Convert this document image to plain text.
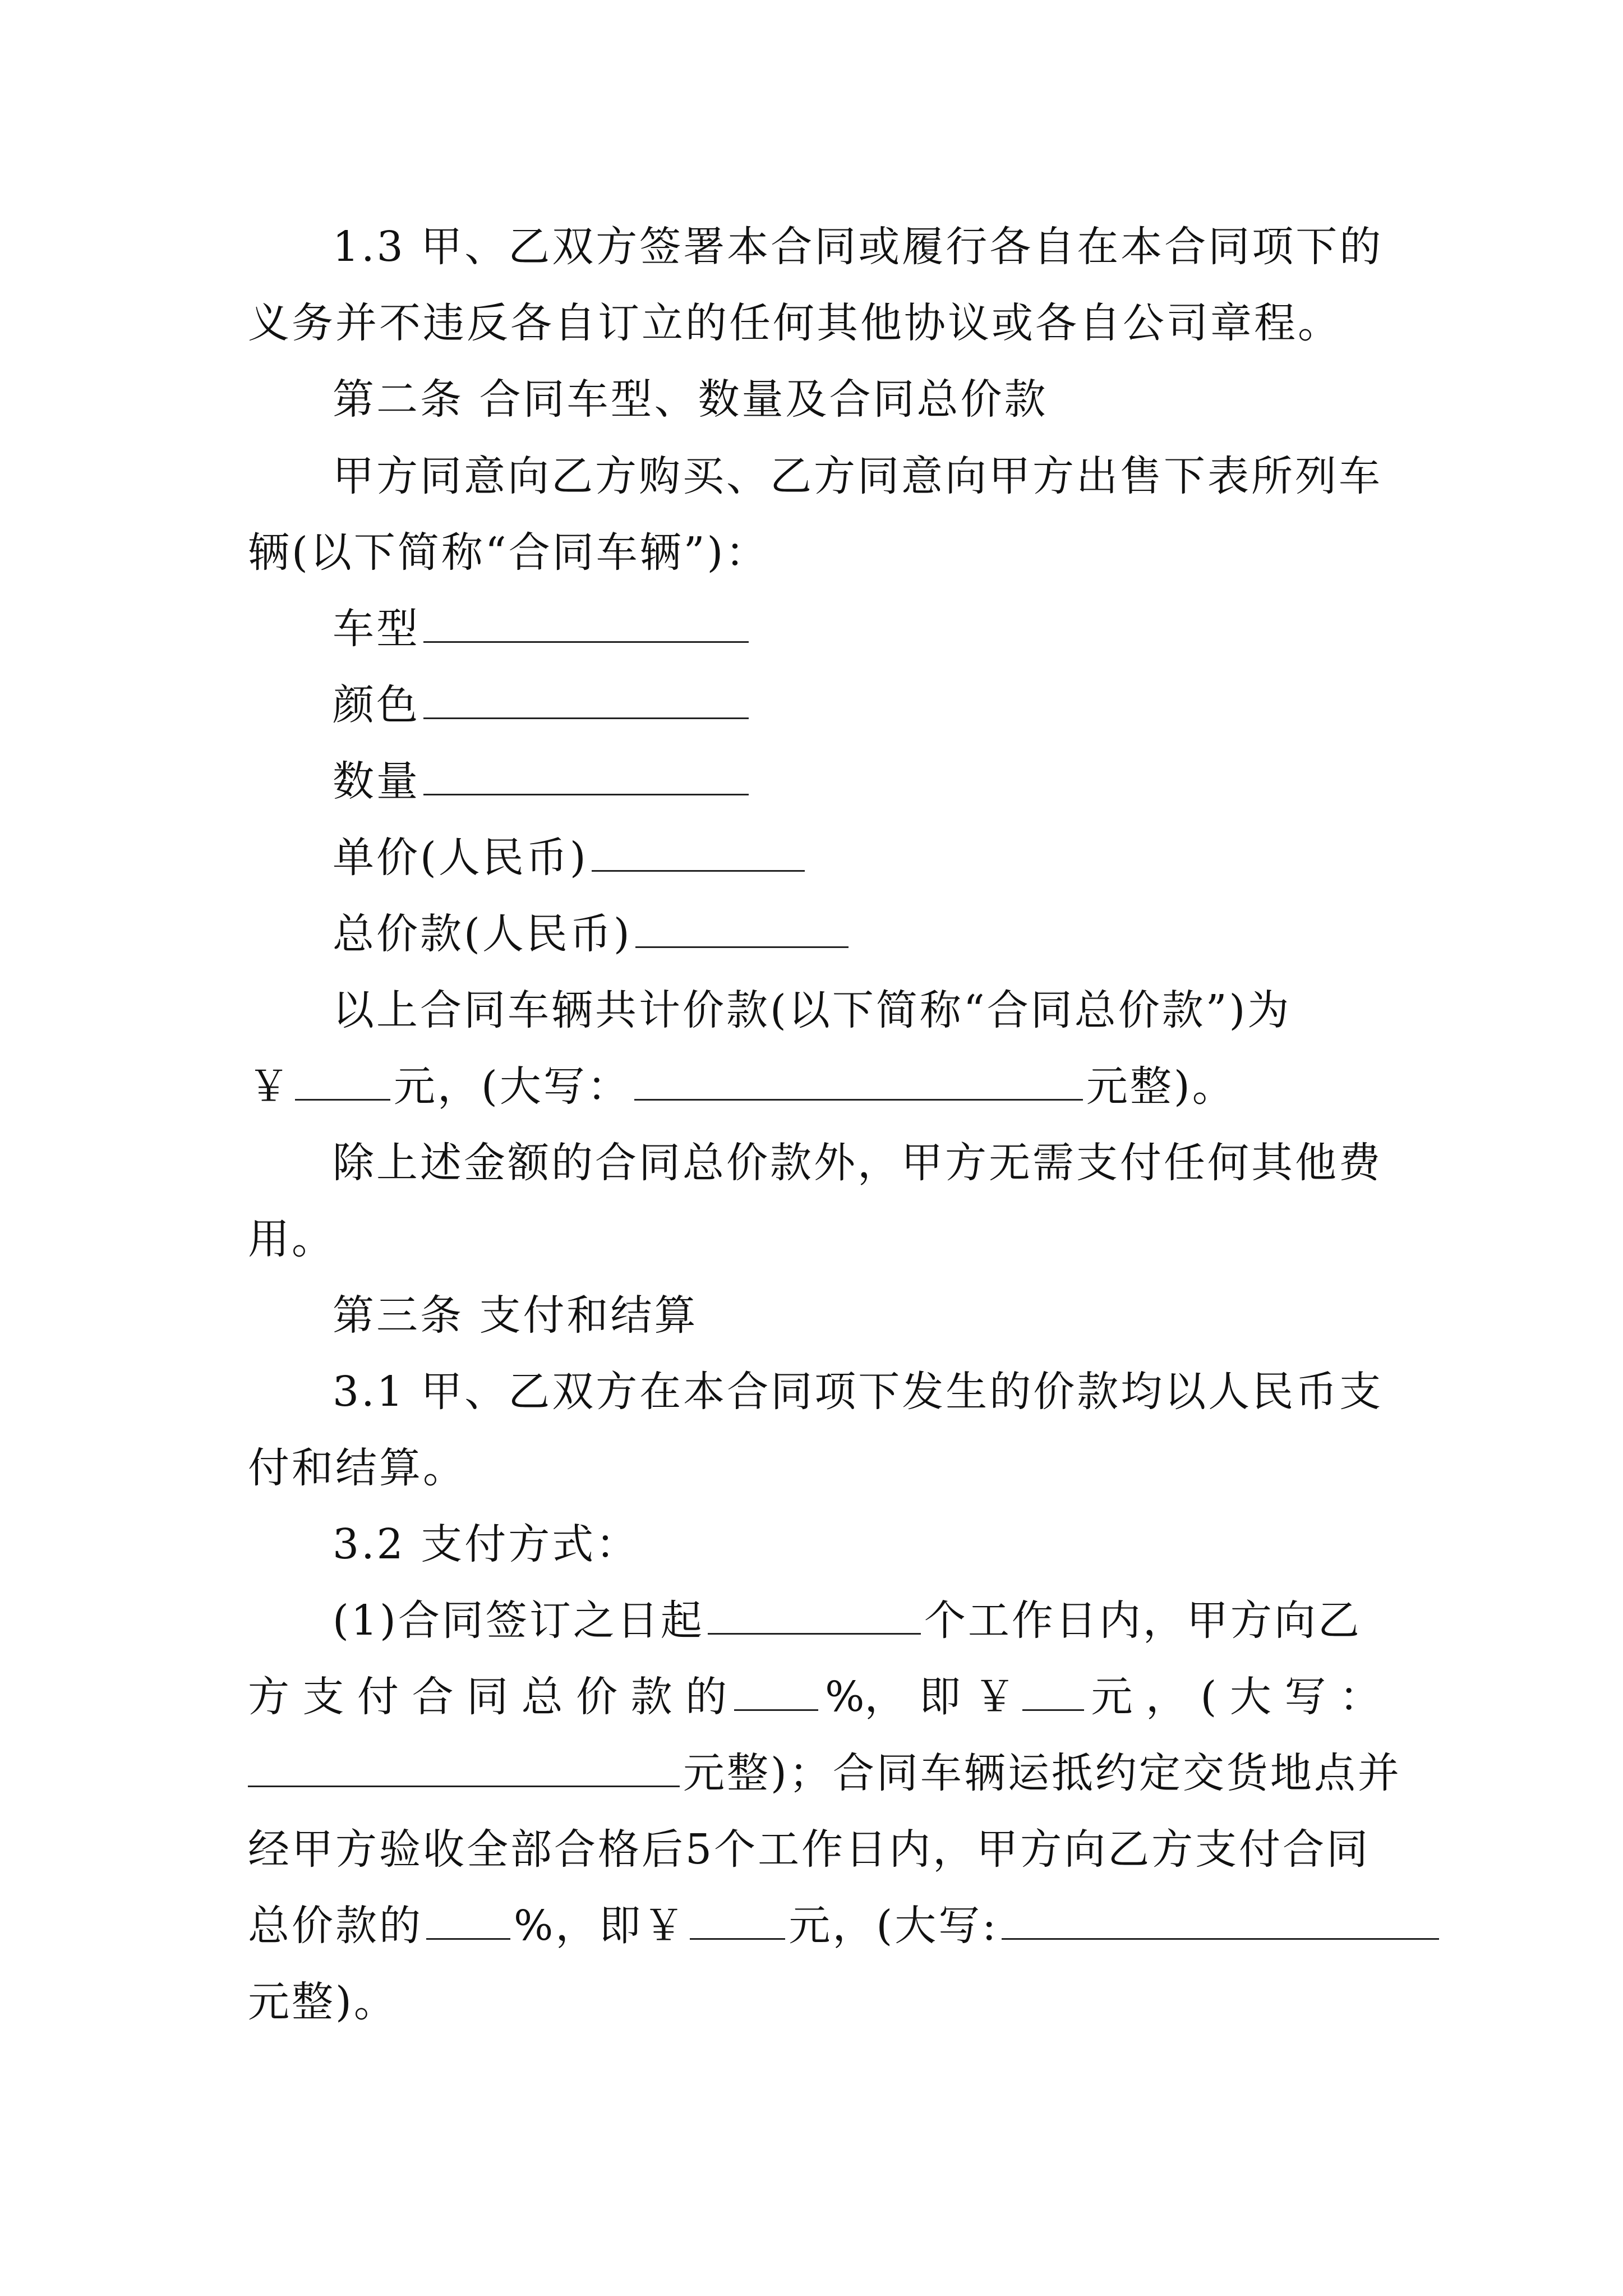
1.3 甲、乙双方签署本合同或履行各自在本合同项下的
义务并不违反各自订立的任何其他协议或各自公司章程。
第二条 合同车型、数量及合同总价款
甲方同意向乙方购买、乙方同意向甲方出售下表所列车
辆(以下简称“合同车辆”)：
车型
颜色
数量
单价(人民币)
总价款(人民币)
以上合同车辆共计价款(以下简称“合同总价款”)为
￥ 元，(大写：	元整)。
除上述金额的合同总价款外，甲方无需支付任何其他费
用。
第三条 支付和结算
3.1 甲、乙双方在本合同项下发生的价款均以人民币支
付和结算。
3.2 支付方式：
(1)合同签订之日起	个工作日内，甲方向乙
方 支 付 合 同 总 价 款 的 %， 即 ￥ 元 ， ( 大 写 ：
元整)；合同车辆运抵约定交货地点并
经甲方验收全部合格后5个工作日内，甲方向乙方支付合同
总价款的 %，即￥ 元，(大写:
元整)。
